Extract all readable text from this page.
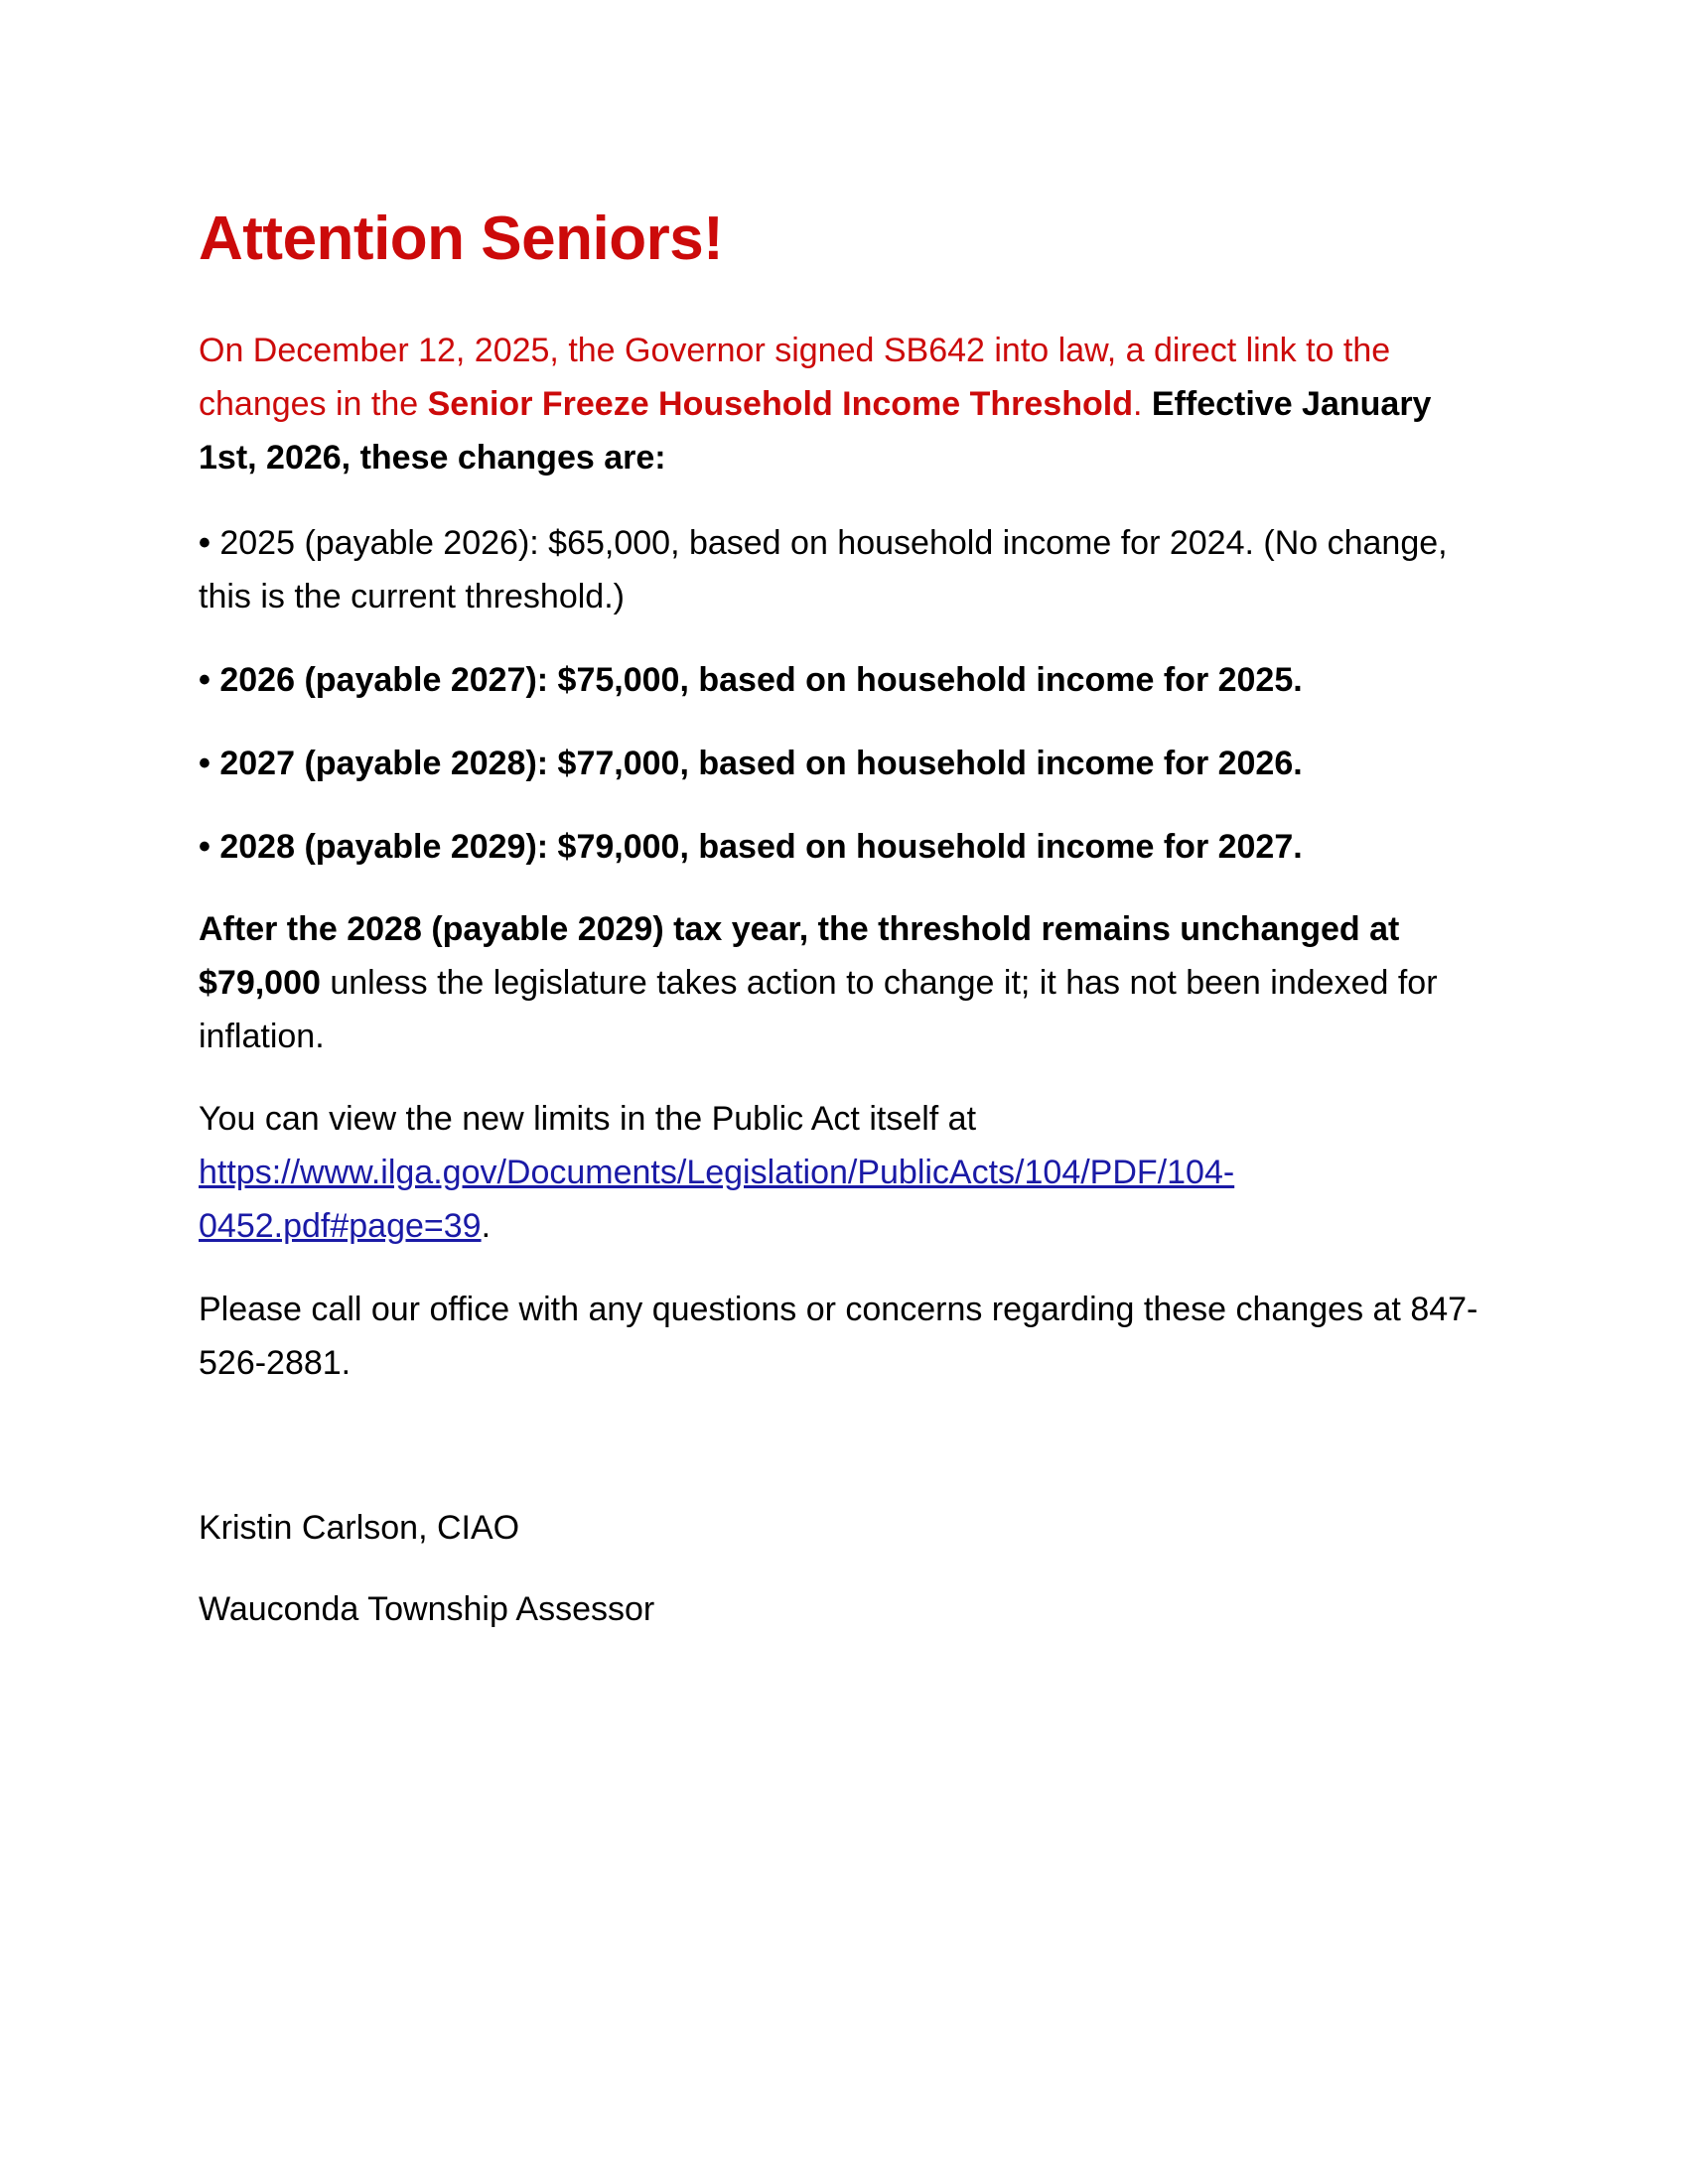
Attention Seniors!

On December 12, 2025, the Governor signed SB642 into law, a direct link to the changes in the Senior Freeze Household Income Threshold. Effective January 1st, 2026, these changes are:

• 2025 (payable 2026): $65,000, based on household income for 2024. (No change, this is the current threshold.)

• 2026 (payable 2027): $75,000, based on household income for 2025.

• 2027 (payable 2028): $77,000, based on household income for 2026.

• 2028 (payable 2029): $79,000, based on household income for 2027.

After the 2028 (payable 2029) tax year, the threshold remains unchanged at $79,000 unless the legislature takes action to change it; it has not been indexed for inflation.

You can view the new limits in the Public Act itself at
https://www.ilga.gov/Documents/Legislation/PublicActs/104/PDF/104-
0452.pdf#page=39.

Please call our office with any questions or concerns regarding these changes at 847-526-2881.

Kristin Carlson, CIAO

Wauconda Township Assessor
